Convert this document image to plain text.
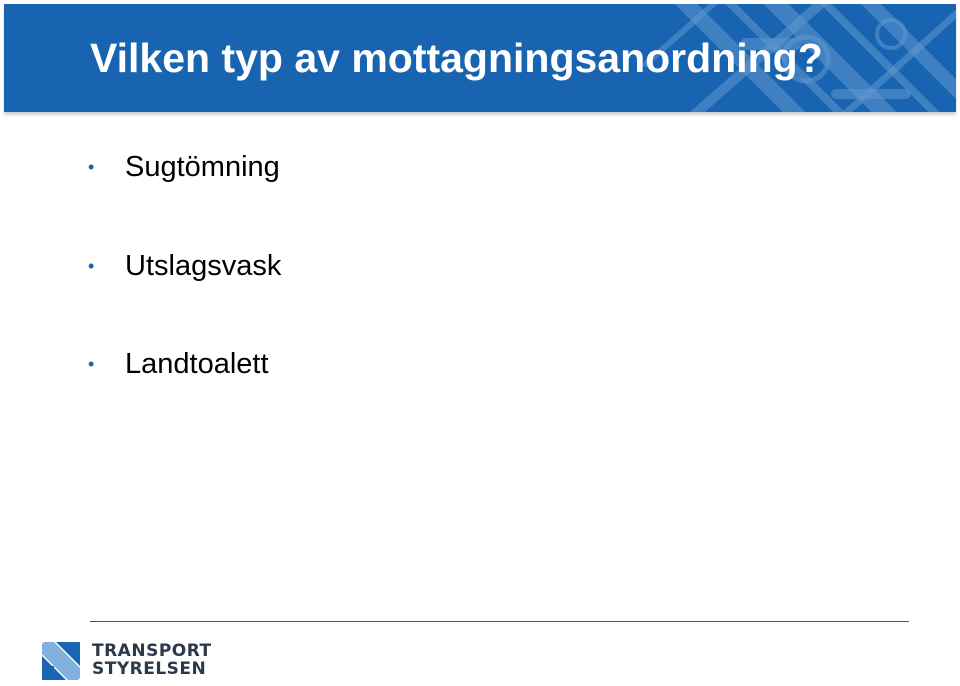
Vilken typ av mottagningsanordning?
• Sugtömning
• Utslagsvask
• Landtoalett
TRANSPORT
STYRELSEN
